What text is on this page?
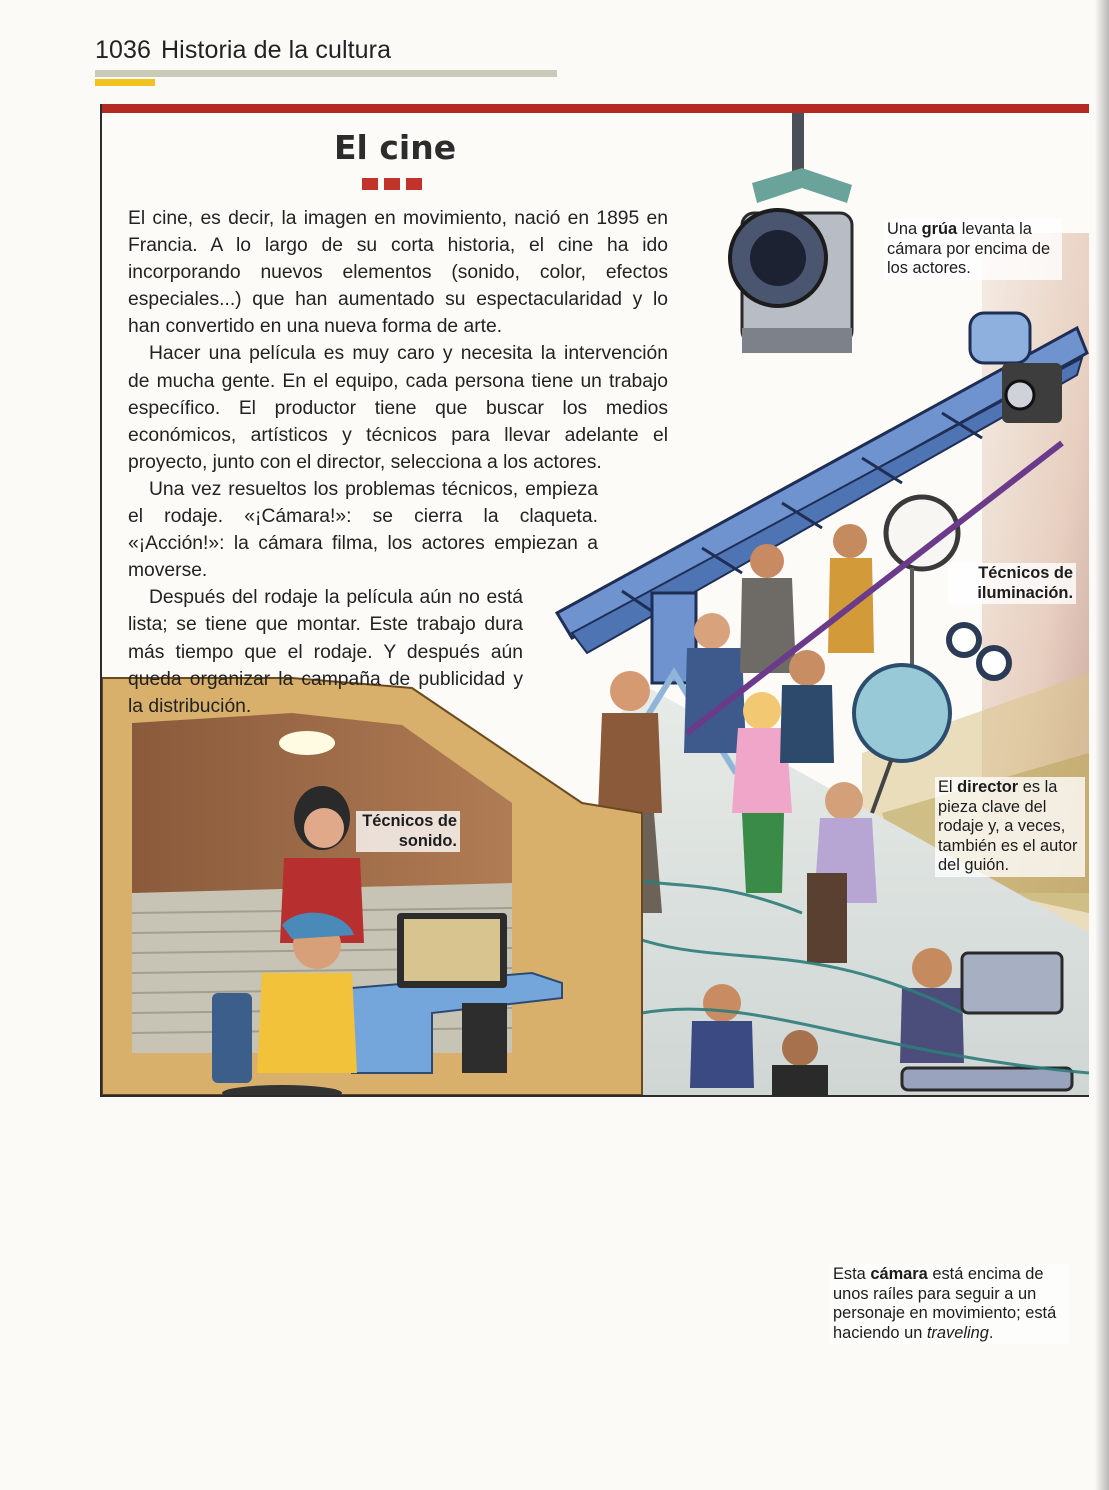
1036 Historia de la cultura
El cine

El cine, es decir, la imagen en movimiento, nació en 1895 en Francia. A lo largo de su corta historia, el cine ha ido incorporando nuevos elementos (sonido, color, efectos especiales...) que han aumentado su espectacularidad y lo han convertido en una nueva forma de arte.

Hacer una película es muy caro y necesita la intervención de mucha gente. En el equipo, cada persona tiene un trabajo específico. El productor tiene que buscar los medios económicos, artísticos y técnicos para llevar adelante el proyecto, junto con el director, selecciona a los actores.

Una vez resueltos los problemas técnicos, empieza el rodaje. «¡Cámara!»: se cierra la claqueta. «¡Acción!»: la cámara filma, los actores empiezan a moverse.

Después del rodaje la película aún no está lista; se tiene que montar. Este trabajo dura más tiempo que el rodaje. Y después aún queda organizar la campaña de publicidad y la distribución.

Una grúa levanta la cámara por encima de los actores.
Técnicos de iluminación.
El director es la pieza clave del rodaje y, a veces, también es el autor del guión.
Técnicos de sonido.
Esta cámara está encima de unos raíles para seguir a un personaje en movimiento; está haciendo un traveling.
